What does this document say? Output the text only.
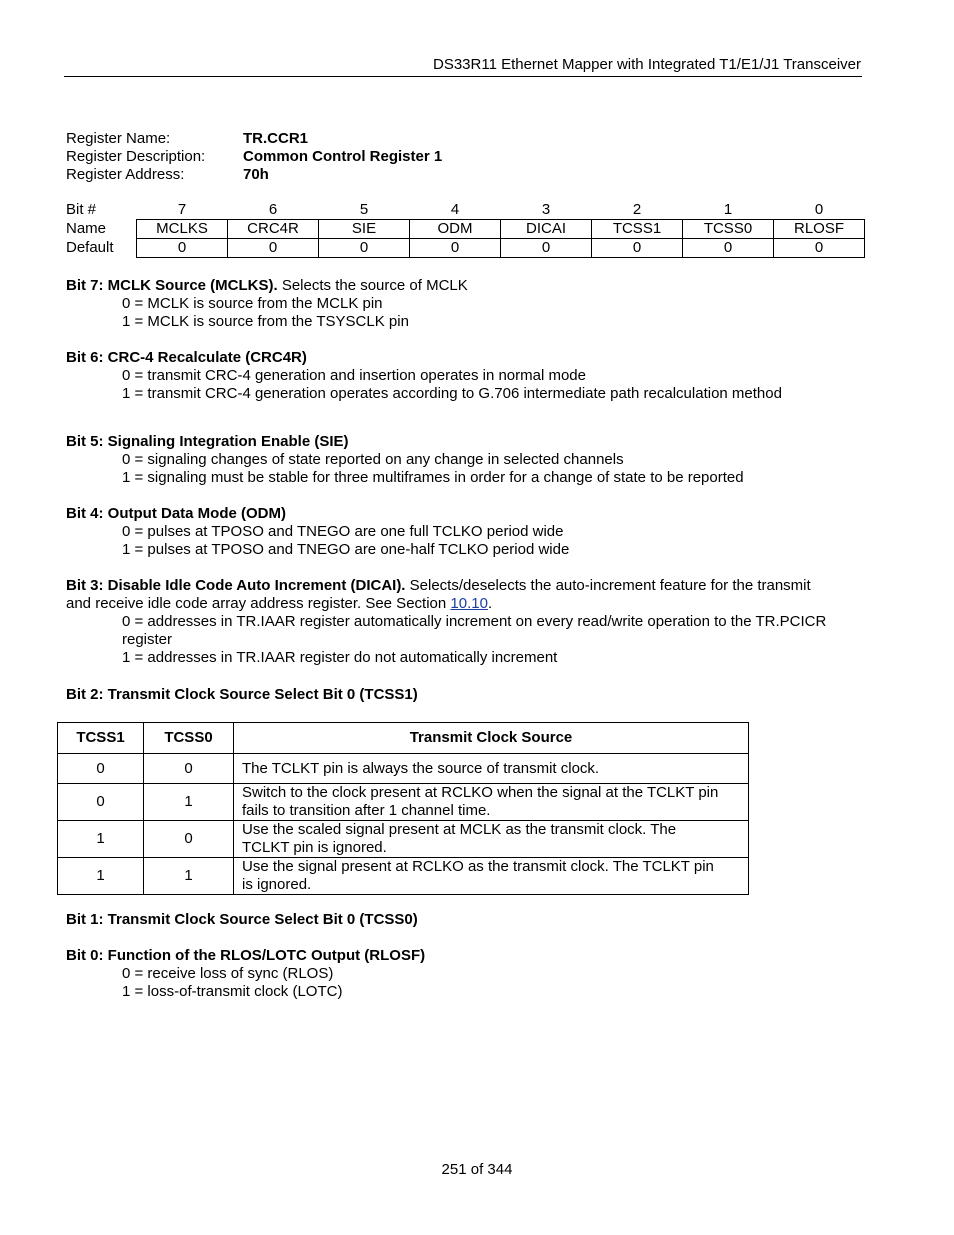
DS33R11 Ethernet Mapper with Integrated T1/E1/J1 Transceiver
Register Name:	TR.CCR1
Register Description:	Common Control Register 1
Register Address:	70h
Bit #	7	6	5	4	3	2	1	0
Name	MCLKS	CRC4R	SIE	ODM	DICAI	TCSS1	TCSS0	RLOSF
Default	0	0	0	0	0	0	0	0
Bit 7: MCLK Source (MCLKS). Selects the source of MCLK
0 = MCLK is source from the MCLK pin
1 = MCLK is source from the TSYSCLK pin
Bit 6: CRC-4 Recalculate (CRC4R)
0 = transmit CRC-4 generation and insertion operates in normal mode
1 = transmit CRC-4 generation operates according to G.706 intermediate path recalculation method
Bit 5: Signaling Integration Enable (SIE)
0 = signaling changes of state reported on any change in selected channels
1 = signaling must be stable for three multiframes in order for a change of state to be reported
Bit 4: Output Data Mode (ODM)
0 = pulses at TPOSO and TNEGO are one full TCLKO period wide
1 = pulses at TPOSO and TNEGO are one-half TCLKO period wide
Bit 3: Disable Idle Code Auto Increment (DICAI). Selects/deselects the auto-increment feature for the transmit
and receive idle code array address register. See Section 10.10.
0 = addresses in TR.IAAR register automatically increment on every read/write operation to the TR.PCICR
register
1 = addresses in TR.IAAR register do not automatically increment
Bit 2: Transmit Clock Source Select Bit 0 (TCSS1)
TCSS1	TCSS0	Transmit Clock Source
0	0	The TCLKT pin is always the source of transmit clock.
0	1	Switch to the clock present at RCLKO when the signal at the TCLKT pin
fails to transition after 1 channel time.

1	0	Use the scaled signal present at MCLK as the transmit clock. The
TCLKT pin is ignored.

1	1	Use the signal present at RCLKO as the transmit clock. The TCLKT pin
is ignored.
Bit 1: Transmit Clock Source Select Bit 0 (TCSS0)
Bit 0: Function of the RLOS/LOTC Output (RLOSF)
0 = receive loss of sync (RLOS)
1 = loss-of-transmit clock (LOTC)
251 of 344
